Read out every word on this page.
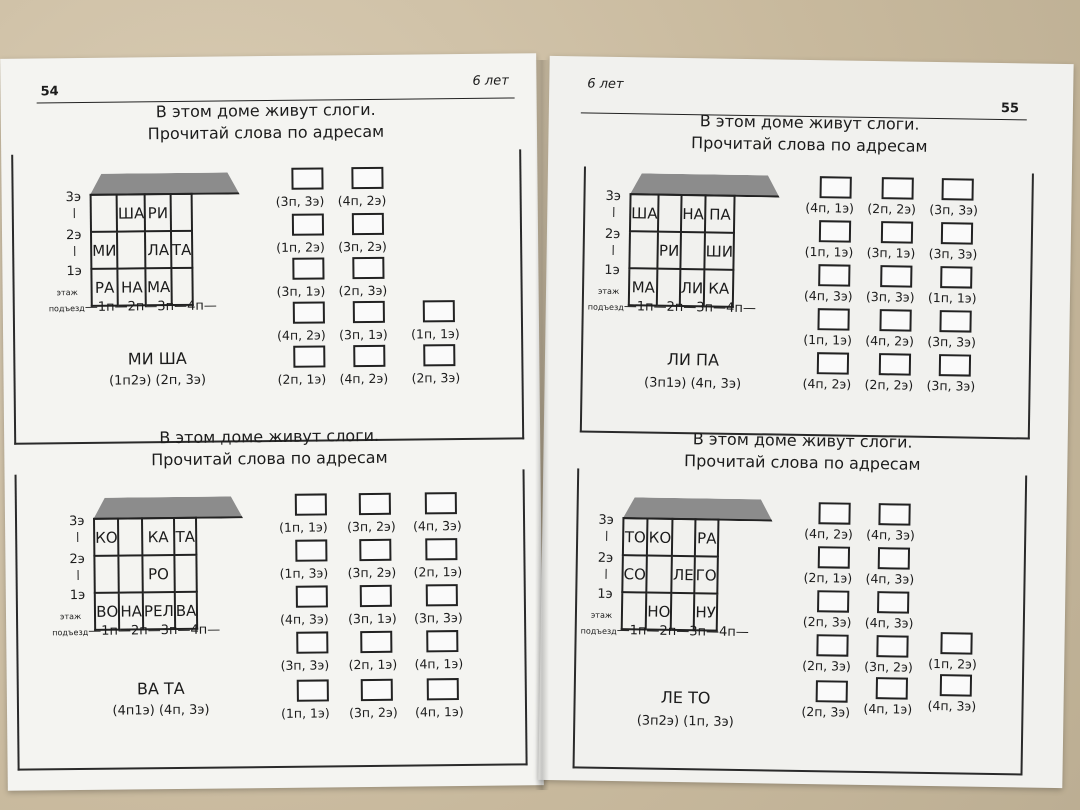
54
6 лет
В этом доме живут слоги.
Прочитай слова по адресам
	ША	РИ	
МИ		ЛА	ТА
РА	НА	МА	
3э
2э
1э
этаж
подъезд—1п—2п—3п—4п—
МИ ША
(1п2э) (2п, 3э)
(3п, 3э) (4п, 2э)
(1п, 2э) (3п, 2э)
(3п, 1э) (2п, 3э)
(4п, 2э) (3п, 1э) (1п, 1э)
(2п, 1э) (4п, 2э) (2п, 3э)
В этом доме живут слоги.
Прочитай слова по адресам
КО		КА	ТА
		РО	
ВО	НА	РЕЛ	ВА
3э
2э
1э
этаж
подъезд—1п—2п—3п—4п—
ВА ТА
(4п1э) (4п, 3э)
(1п, 1э) (3п, 2э) (4п, 3э)
(1п, 3э) (3п, 2э) (2п, 1э)
(4п, 3э) (3п, 1э) (3п, 3э)
(3п, 3э) (2п, 1э) (4п, 1э)
(1п, 1э) (3п, 2э) (4п, 1э)
6 лет
55
В этом доме живут слоги.
Прочитай слова по адресам
ША		НА	ПА
	РИ		ШИ
МА		ЛИ	КА
3э
2э
1э
этаж
подъезд—1п—2п—3п—4п—
ЛИ ПА
(3п1э) (4п, 3э)
(4п, 1э) (2п, 2э) (3п, 3э)
(1п, 1э) (3п, 1э) (3п, 3э)
(4п, 3э) (3п, 3э) (1п, 1э)
(1п, 1э) (4п, 2э) (3п, 3э)
(4п, 2э) (2п, 2э) (3п, 3э)
В этом доме живут слоги.
Прочитай слова по адресам
ТО	КО		РА
СО		ЛЕ	ГО
	НО		НУ
3э
2э
1э
этаж
подъезд—1п—2п—3п—4п—
ЛЕ ТО
(3п2э) (1п, 3э)
(4п, 2э) (4п, 3э)
(2п, 1э) (4п, 3э)
(2п, 3э) (4п, 3э)
(2п, 3э) (3п, 2э) (1п, 2э)
(2п, 3э) (4п, 1э) (4п, 3э)
